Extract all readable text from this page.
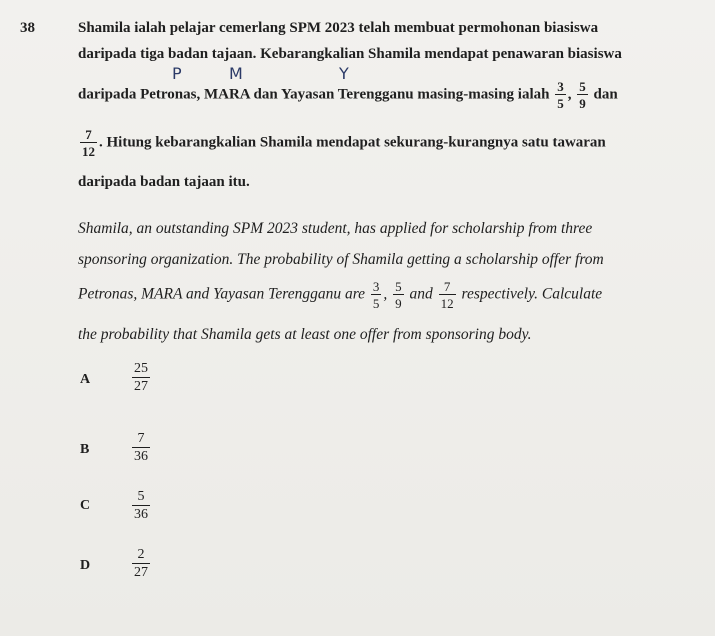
38	Shamila ialah pelajar cemerlang SPM 2023 telah membuat permohonan biasiswa
daripada tiga badan tajaan. Kebarangkalian Shamila mendapat penawaran biasiswa
P	M	Y
daripada Petronas, MARA dan Yayasan Terengganu masing-masing ialah $\frac{3}{5}$ , $\frac{5}{9}$ dan
$\frac{7}{12}$ . Hitung kebarangkalian Shamila mendapat sekurang-kurangnya satu tawaran
daripada badan tajaan itu.
Shamila, an outstanding SPM 2023 student, has applied for scholarship from three
sponsoring organization. The probability of Shamila getting a scholarship offer from
Petronas, MARA and Yayasan Terengganu are $\frac{3}{5}$ , $\frac{5}{9}$ and $\frac{7}{12}$ respectively. Calculate
the probability that Shamila gets at least one offer from sponsoring body.
A	$\frac{25}{27}$
B	$\frac{7}{36}$
C	$\frac{5}{36}$
D	$\frac{2}{27}$
